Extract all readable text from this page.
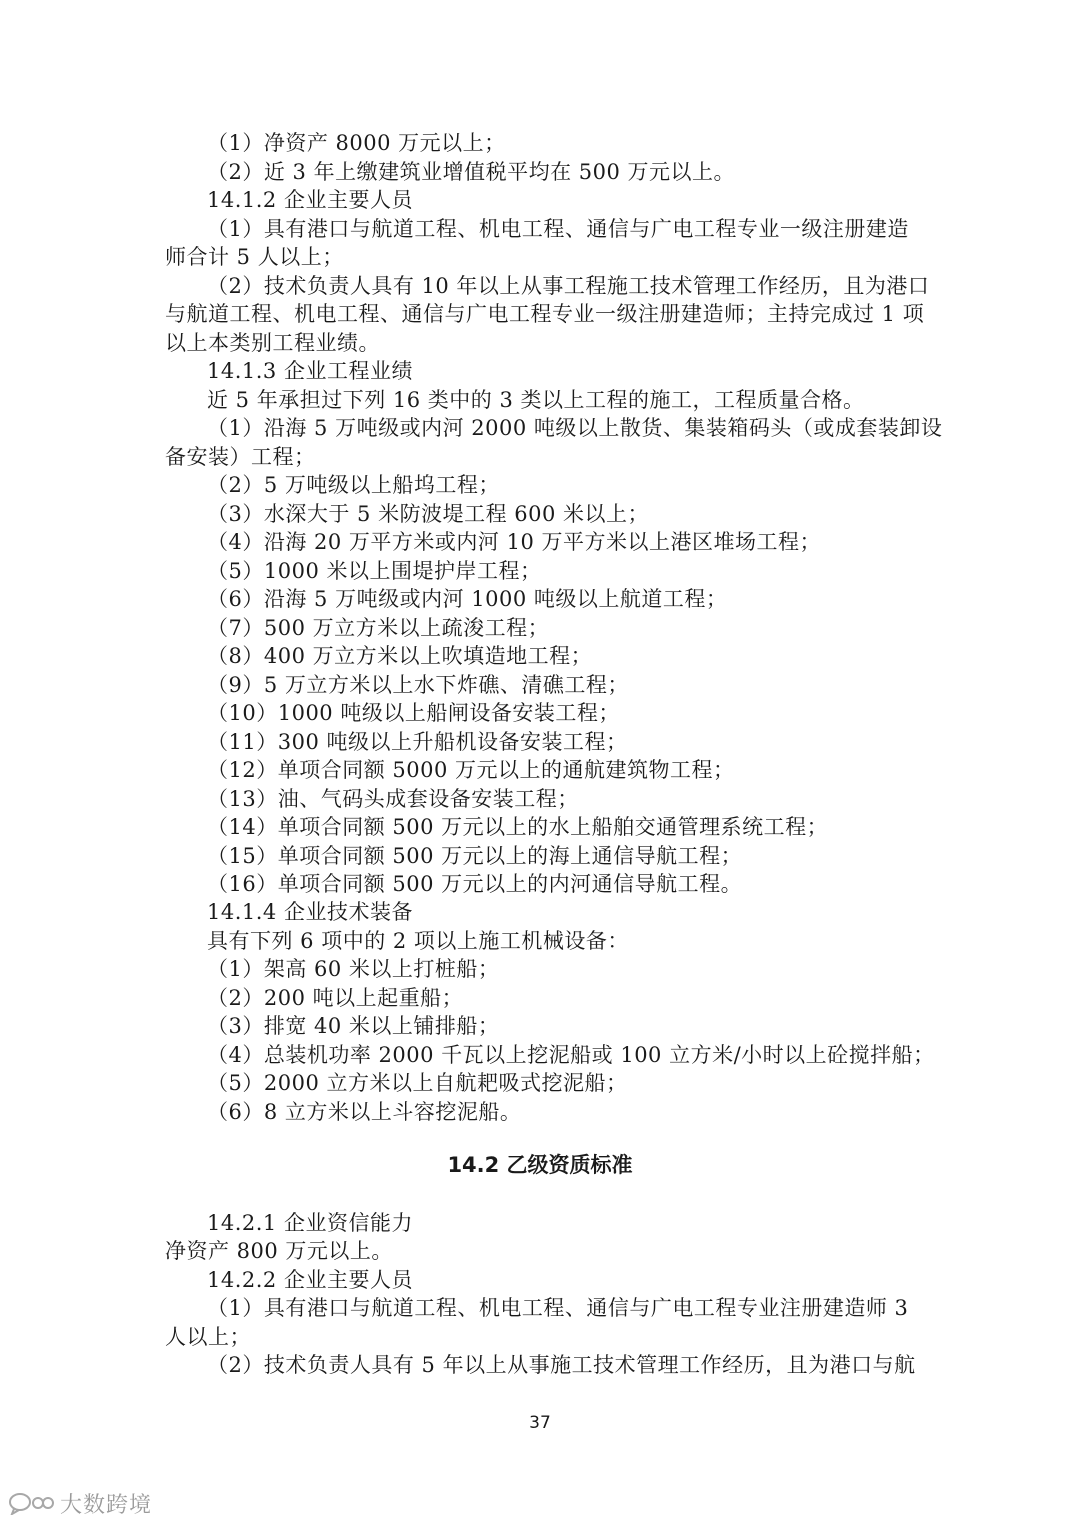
（1）净资产 8000 万元以上；
（2）近 3 年上缴建筑业增值税平均在 500 万元以上。
14.1.2 企业主要人员
（1）具有港口与航道工程、机电工程、通信与广电工程专业一级注册建造
师合计 5 人以上；
（2）技术负责人具有 10 年以上从事工程施工技术管理工作经历，且为港口
与航道工程、机电工程、通信与广电工程专业一级注册建造师；主持完成过 1 项
以上本类别工程业绩。
14.1.3 企业工程业绩
近 5 年承担过下列 16 类中的 3 类以上工程的施工，工程质量合格。
（1）沿海 5 万吨级或内河 2000 吨级以上散货、集装箱码头（或成套装卸设
备安装）工程；
（2）5 万吨级以上船坞工程；
（3）水深大于 5 米防波堤工程 600 米以上；
（4）沿海 20 万平方米或内河 10 万平方米以上港区堆场工程；
（5）1000 米以上围堤护岸工程；
（6）沿海 5 万吨级或内河 1000 吨级以上航道工程；
（7）500 万立方米以上疏浚工程；
（8）400 万立方米以上吹填造地工程；
（9）5 万立方米以上水下炸礁、清礁工程；
（10）1000 吨级以上船闸设备安装工程；
（11）300 吨级以上升船机设备安装工程；
（12）单项合同额 5000 万元以上的通航建筑物工程；
（13）油、气码头成套设备安装工程；
（14）单项合同额 500 万元以上的水上船舶交通管理系统工程；
（15）单项合同额 500 万元以上的海上通信导航工程；
（16）单项合同额 500 万元以上的内河通信导航工程。
14.1.4 企业技术装备
具有下列 6 项中的 2 项以上施工机械设备：
（1）架高 60 米以上打桩船；
（2）200 吨以上起重船；
（3）排宽 40 米以上铺排船；
（4）总装机功率 2000 千瓦以上挖泥船或 100 立方米/小时以上砼搅拌船；
（5）2000 立方米以上自航耙吸式挖泥船；
（6）8 立方米以上斗容挖泥船。
14.2 乙级资质标准
14.2.1 企业资信能力
净资产 800 万元以上。
14.2.2 企业主要人员
（1）具有港口与航道工程、机电工程、通信与广电工程专业注册建造师 3
人以上；
（2）技术负责人具有 5 年以上从事施工技术管理工作经历，且为港口与航
37
大数跨境
